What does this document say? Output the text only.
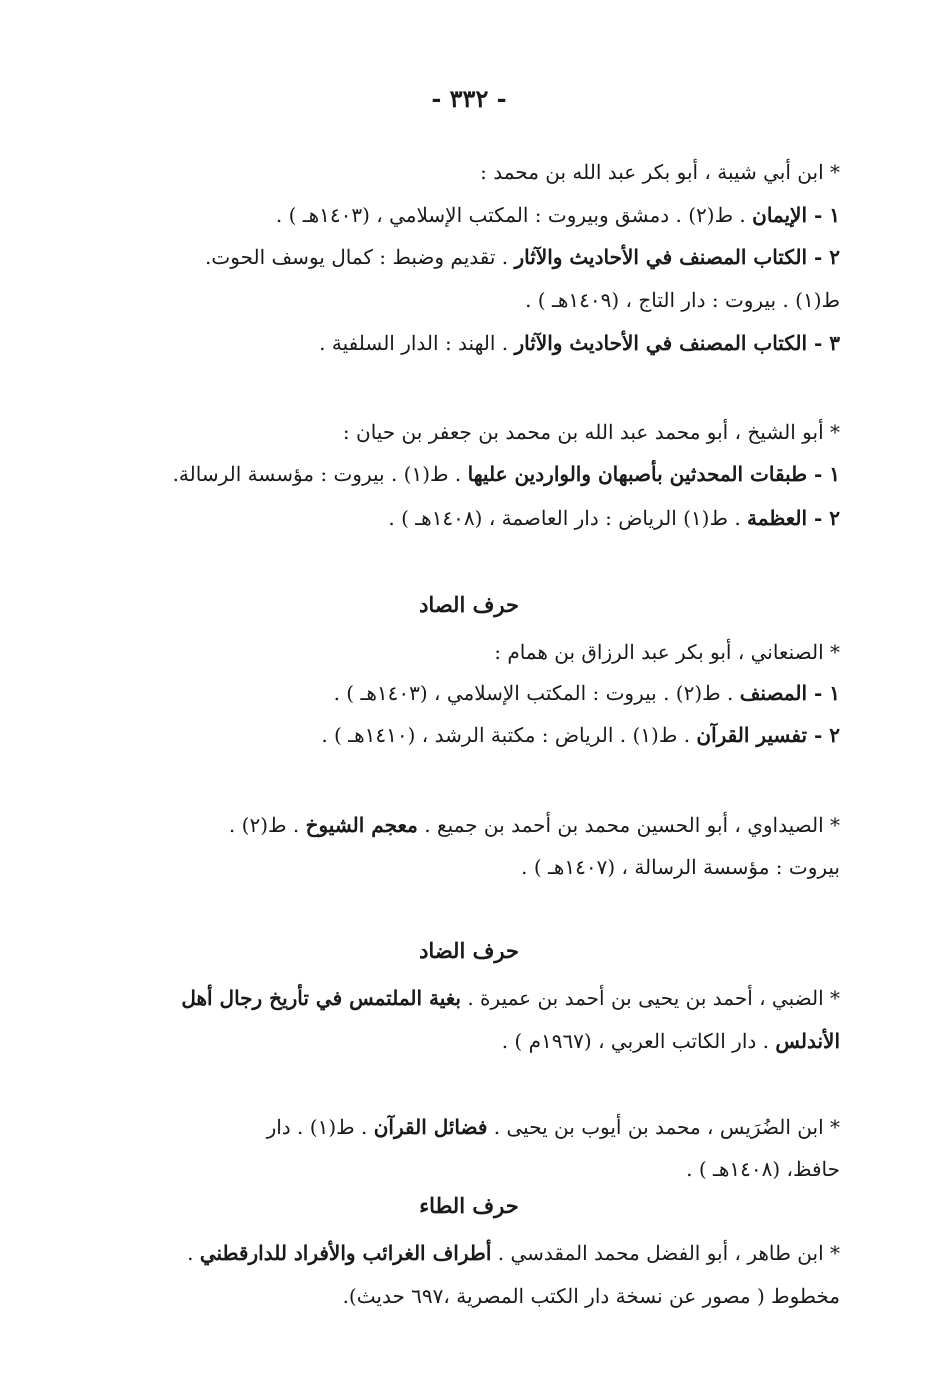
- ٣٣٢ -
* ابن أبي شيبة ، أبو بكر عبد الله بن محمد :
١ - الإيمان . ط(٢) . دمشق وبيروت : المكتب الإسلامي ، (١٤٠٣هـ ) .
٢ - الكتاب المصنف في الأحاديث والآثار . تقديم وضبط : كمال يوسف الحوت.
ط(١) . بيروت : دار التاج ، (١٤٠٩هـ ) .
٣ - الكتاب المصنف في الأحاديث والآثار . الهند : الدار السلفية .
* أبو الشيخ ، أبو محمد عبد الله بن محمد بن جعفر بن حيان :
١ - طبقات المحدثين بأصبهان والواردين عليها . ط(١) . بيروت : مؤسسة الرسالة.
٢ - العظمة . ط(١) الرياض : دار العاصمة ، (١٤٠٨هـ ) .
حرف الصاد
* الصنعاني ، أبو بكر عبد الرزاق بن همام :
١ - المصنف . ط(٢) . بيروت : المكتب الإسلامي ، (١٤٠٣هـ ) .
٢ - تفسير القرآن . ط(١) . الرياض : مكتبة الرشد ، (١٤١٠هـ ) .
* الصيداوي ، أبو الحسين محمد بن أحمد بن جميع . معجم الشيوخ . ط(٢) .
بيروت : مؤسسة الرسالة ، (١٤٠٧هـ ) .
حرف الضاد
* الضبي ، أحمد بن يحيى بن أحمد بن عميرة . بغية الملتمس في تأريخ رجال أهل
الأندلس . دار الكاتب العربي ، (١٩٦٧م ) .
* ابن الضُرَيس ، محمد بن أيوب بن يحيى . فضائل القرآن . ط(١) . دار
حافظ، (١٤٠٨هـ ) .
حرف الطاء
* ابن طاهر ، أبو الفضل محمد المقدسي . أطراف الغرائب والأفراد للدارقطني .
مخطوط ( مصور عن نسخة دار الكتب المصرية ،٦٩٧ حديث).
